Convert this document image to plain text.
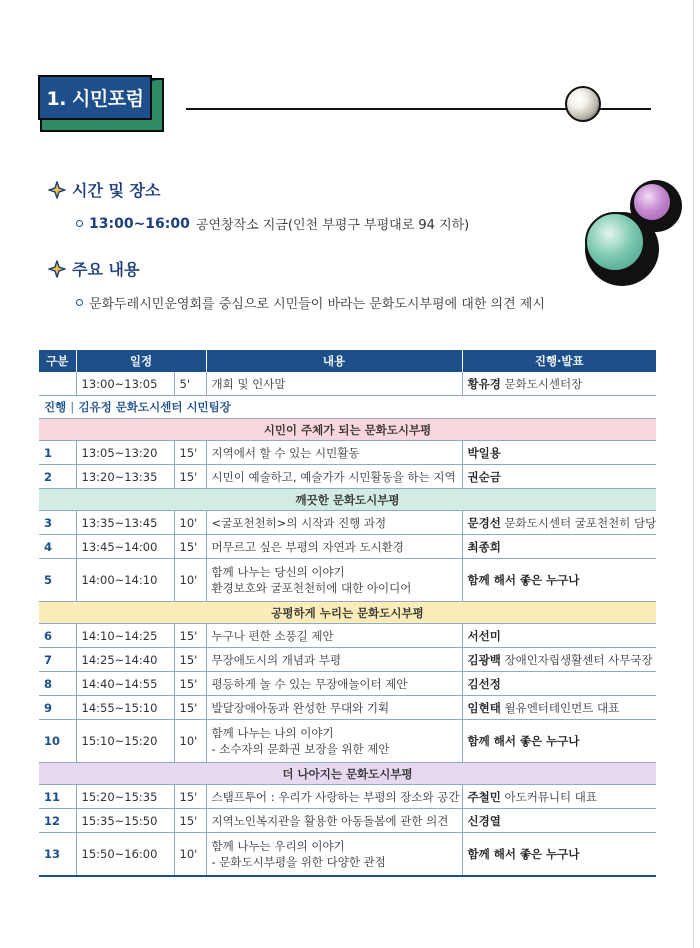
1. 시민포럼
시간 및 장소
13:00~16:00 공연창작소 지금(인천 부평구 부평대로 94 지하)
주요 내용
문화두레시민운영회를 중심으로 시민들이 바라는 문화도시부평에 대한 의견 제시
구분	일정		내용	진행·발표
	13:00~13:05	5'	개회 및 인사말	황유경 문화도시센터장
진행 | 김유정 문화도시센터 시민팀장				
시민이 주체가 되는 문화도시부평				
1	13:05~13:20	15'	지역에서 할 수 있는 시민활동	박일용
2	13:20~13:35	15'	시민이 예술하고, 예술가가 시민활동을 하는 지역	권순금
깨끗한 문화도시부평				
3	13:35~13:45	10'	<굴포천천히>의 시작과 진행 과정	문경선 문화도시센터 굴포천천히 담당
4	13:45~14:00	15'	머무르고 싶은 부평의 자연과 도시환경	최종희
5	14:00~14:10	10'	함께 나누는 당신의 이야기
환경보호와 굴포천천히에 대한 아이디어	함께 해서 좋은 누구나
공평하게 누리는 문화도시부평				
6	14:10~14:25	15'	누구나 편한 소풍길 제안	서선미
7	14:25~14:40	15'	무장애도시의 개념과 부평	김광백 장애인자립생활센터 사무국장
8	14:40~14:55	15'	평등하게 놀 수 있는 무장애놀이터 제안	김선정
9	14:55~15:10	15'	발달장애아동과 완성한 무대와 기획	임현태 윌유엔터테인먼트 대표
10	15:10~15:20	10'	함께 나누는 나의 이야기
- 소수자의 문화권 보장을 위한 제안	함께 해서 좋은 누구나
더 나아지는 문화도시부평				
11	15:20~15:35	15'	스탬프투어 : 우리가 사랑하는 부평의 장소와 공간	주철민 아도커뮤니티 대표
12	15:35~15:50	15'	지역노인복지관을 활용한 아동돌봄에 관한 의견	신경열
13	15:50~16:00	10'	함께 나누는 우리의 이야기
- 문화도시부평을 위한 다양한 관점	함께 해서 좋은 누구나
